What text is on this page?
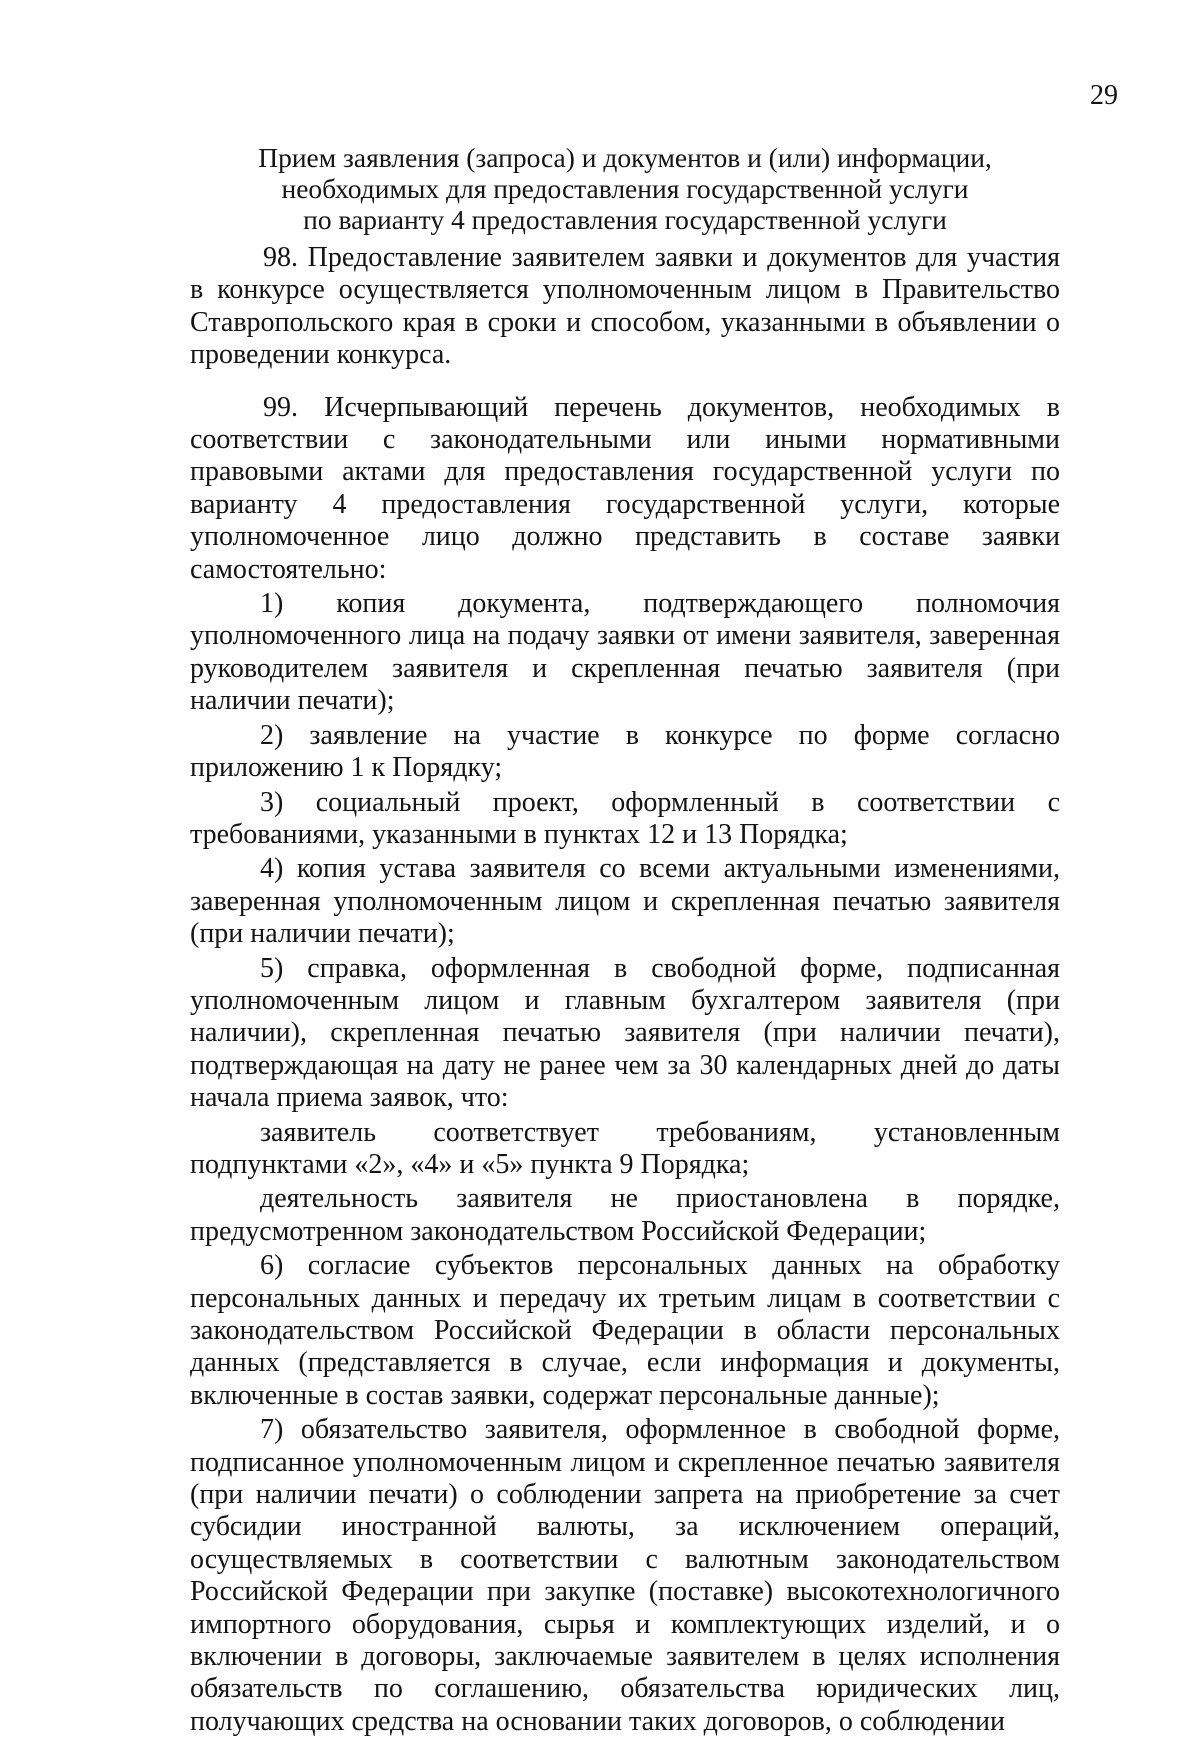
29
Прием заявления (запроса) и документов и (или) информации,
необходимых для предоставления государственной услуги
по варианту 4 предоставления государственной услуги

98. Предоставление заявителем заявки и документов для участия в конкурсе осуществляется уполномоченным лицом в Правительство Ставропольского края в сроки и способом, указанными в объявлении о проведении конкурса.

99. Исчерпывающий перечень документов, необходимых в соответствии с законодательными или иными нормативными правовыми актами для предоставления государственной услуги по варианту 4 предоставления государственной услуги, которые уполномоченное лицо должно представить в составе заявки самостоятельно:

1) копия документа, подтверждающего полномочия уполномоченного лица на подачу заявки от имени заявителя, заверенная руководителем заявителя и скрепленная печатью заявителя (при наличии печати);

2) заявление на участие в конкурсе по форме согласно приложению 1 к Порядку;

3) социальный проект, оформленный в соответствии с требованиями, указанными в пунктах 12 и 13 Порядка;

4) копия устава заявителя со всеми актуальными изменениями, заверенная уполномоченным лицом и скрепленная печатью заявителя (при наличии печати);

5) справка, оформленная в свободной форме, подписанная уполномоченным лицом и главным бухгалтером заявителя (при наличии), скрепленная печатью заявителя (при наличии печати), подтверждающая на дату не ранее чем за 30 календарных дней до даты начала приема заявок, что:

заявитель соответствует требованиям, установленным подпунктами «2», «4» и «5» пункта 9 Порядка;

деятельность заявителя не приостановлена в порядке, предусмотренном законодательством Российской Федерации;

6) согласие субъектов персональных данных на обработку персональных данных и передачу их третьим лицам в соответствии с законодательством Российской Федерации в области персональных данных (представляется в случае, если информация и документы, включенные в состав заявки, содержат персональные данные);

7) обязательство заявителя, оформленное в свободной форме, подписанное уполномоченным лицом и скрепленное печатью заявителя (при наличии печати) о соблюдении запрета на приобретение за счет субсидии иностранной валюты, за исключением операций, осуществляемых в соответствии с валютным законодательством Российской Федерации при закупке (поставке) высокотехнологичного импортного оборудования, сырья и комплектующих изделий, и о включении в договоры, заключаемые заявителем в целях исполнения обязательств по соглашению, обязательства юридических лиц, получающих средства на основании таких договоров, о соблюдении
